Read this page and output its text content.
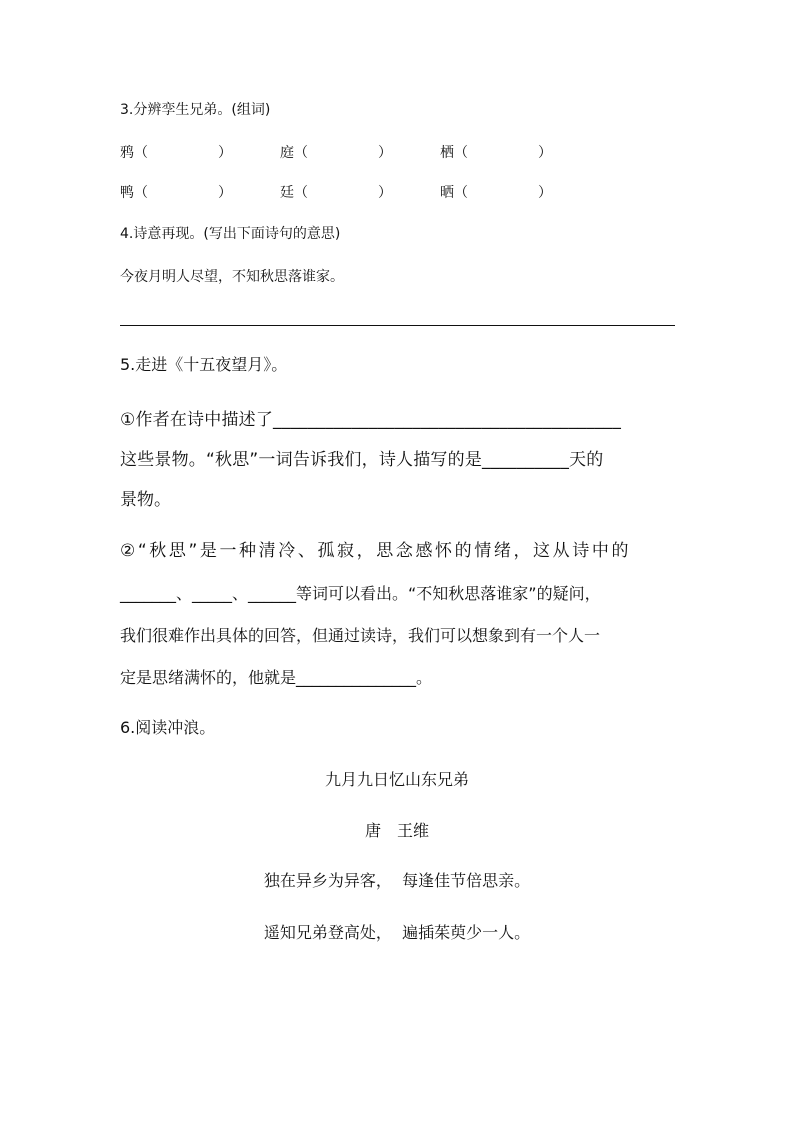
3.分辨孪生兄弟。(组词)
鸦（　　　　　）	庭（　　　　　）	栖（　　　　　）
鸭（　　　　　）	廷（　　　　　）	晒（　　　　　）
4.诗意再现。(写出下面诗句的意思)
今夜月明人尽望，不知秋思落谁家。
5.走进《十五夜望月》。
①作者在诗中描述了________________________________________
这些景物。“秋思”一词告诉我们，诗人描写的是__________天的
景物。
②“秋思”是一种清冷、孤寂，思念感怀的情绪，这从诗中的
_______、_____、______等词可以看出。“不知秋思落谁家”的疑问，
我们很难作出具体的回答，但通过读诗，我们可以想象到有一个人一
定是思绪满怀的，他就是_______________。
6.阅读冲浪。
九月九日忆山东兄弟
唐　王维
独在异乡为异客，  每逢佳节倍思亲。
遥知兄弟登高处，  遍插茱萸少一人。
